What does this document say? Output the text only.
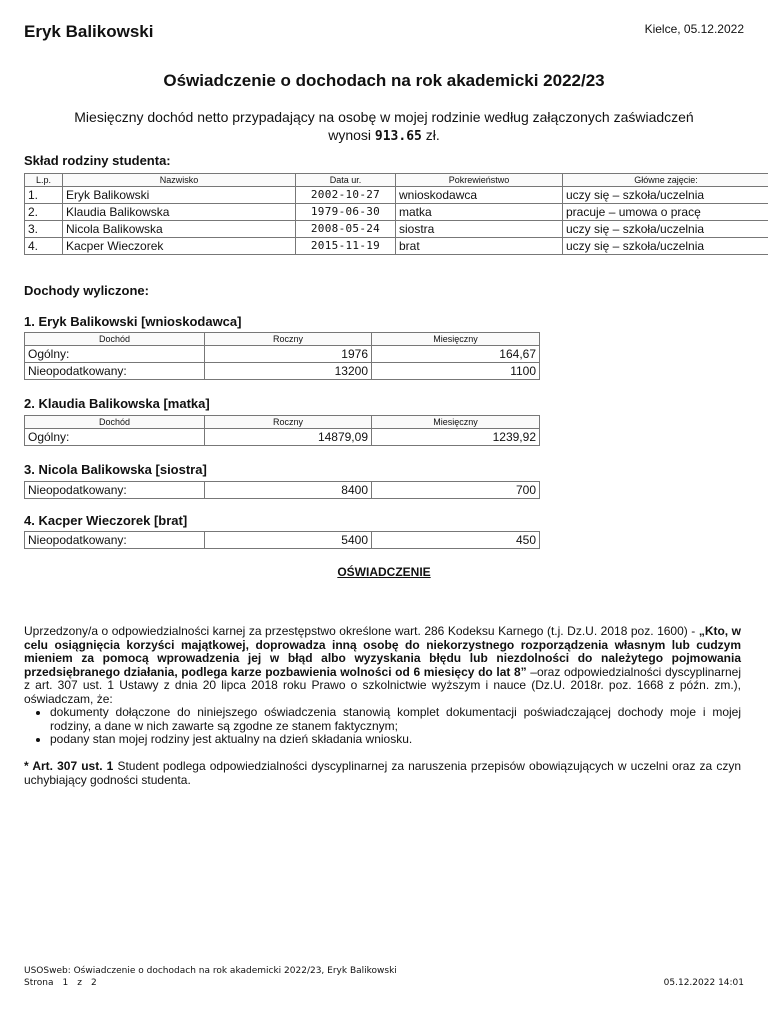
Eryk Balikowski	Kielce, 05.12.2022
Oświadczenie o dochodach na rok akademicki 2022/23
Miesięczny dochód netto przypadający na osobę w mojej rodzinie według załączonych zaświadczeń
wynosi 913.65 zł.
Skład rodziny studenta:
L.p.	Nazwisko	Data ur.	Pokrewieństwo	Główne zajęcie:
1.	Eryk Balikowski	2002-10-27	wnioskodawca	uczy się – szkoła/uczelnia
2.	Klaudia Balikowska	1979-06-30	matka	pracuje – umowa o pracę
3.	Nicola Balikowska	2008-05-24	siostra	uczy się – szkoła/uczelnia
4.	Kacper Wieczorek	2015-11-19	brat	uczy się – szkoła/uczelnia
Dochody wyliczone:
1. Eryk Balikowski [wnioskodawca]
Dochód	Roczny	Miesięczny
Ogólny:	1976	164,67
Nieopodatkowany:	13200	1100
2. Klaudia Balikowska [matka]
Dochód	Roczny	Miesięczny
Ogólny:	14879,09	1239,92
3. Nicola Balikowska [siostra]
Nieopodatkowany:	8400	700
4. Kacper Wieczorek [brat]
Nieopodatkowany:	5400	450
OŚWIADCZENIE

Uprzedzony/a o odpowiedzialności karnej za przestępstwo określone wart. 286 Kodeksu Karnego (t.j. Dz.U. 2018 poz. 1600) - „Kto, w celu osiągnięcia korzyści majątkowej, doprowadza inną osobę do niekorzystnego rozporządzenia własnym lub cudzym mieniem za pomocą wprowadzenia jej w błąd albo wyzyskania błędu lub niezdolności do należytego pojmowania przedsiębranego działania, podlega karze pozbawienia wolności od 6 miesięcy do lat 8” –oraz odpowiedzialności dyscyplinarnej z art. 307 ust. 1 Ustawy z dnia 20 lipca 2018 roku Prawo o szkolnictwie wyższym i nauce (Dz.U. 2018r. poz. 1668 z późn. zm.), oświadczam, że:

• dokumenty dołączone do niniejszego oświadczenia stanowią komplet dokumentacji poświadczającej dochody moje i mojej rodziny, a dane w nich zawarte są zgodne ze stanem faktycznym;
• podany stan mojej rodziny jest aktualny na dzień składania wniosku.
* Art. 307 ust. 1 Student podlega odpowiedzialności dyscyplinarnej za naruszenia przepisów obowiązujących w uczelni oraz za czyn uchybiający godności studenta.
USOSweb: Oświadczenie o dochodach na rok akademicki 2022/23, Eryk Balikowski
Strona 1 z 2	05.12.2022 14:01
